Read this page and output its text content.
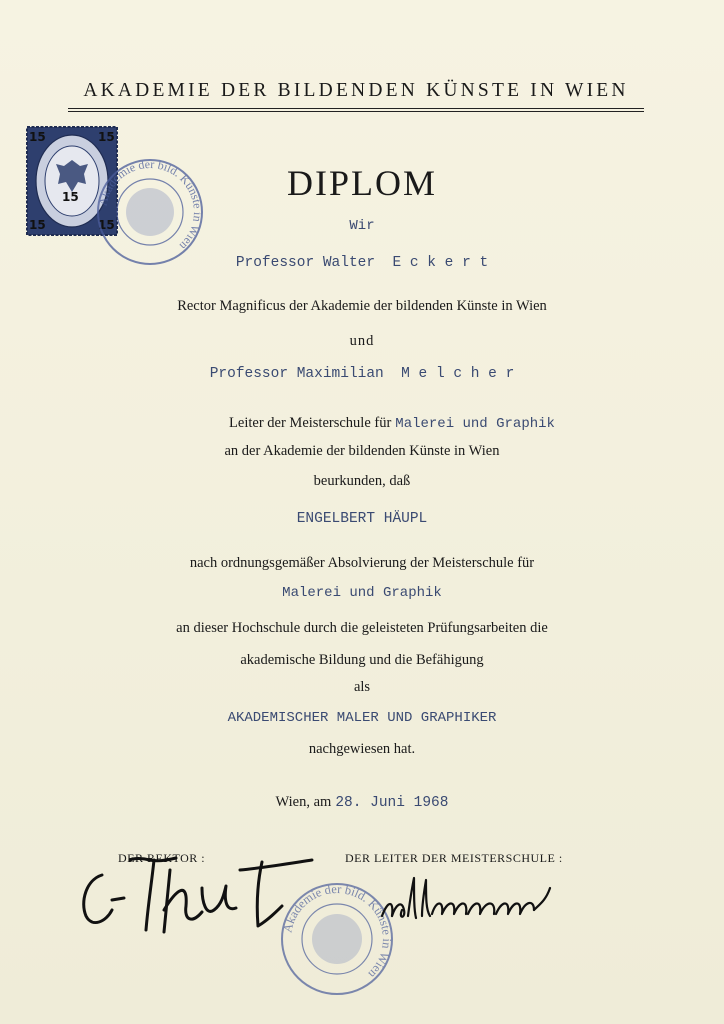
AKADEMIE DER BILDENDEN KÜNSTE IN WIEN
15	15
15	15
15 Akademie der bild. Künste in Wien
DIPLOM
Wir
Professor Walter  E c k e r t
Rector Magnificus der Akademie der bildenden Künste in Wien
und
Professor Maximilian  M e l c h e r
Leiter der Meisterschule für Malerei und Graphik
an der Akademie der bildenden Künste in Wien
beurkunden, daß
ENGELBERT HÄUPL
nach ordnungsgemäßer Absolvierung der Meisterschule für
Malerei und Graphik
an dieser Hochschule durch die geleisteten Prüfungsarbeiten die
akademische Bildung und die Befähigung
als
AKADEMISCHER MALER UND GRAPHIKER
nachgewiesen hat.
Wien, am 28. Juni 1968
DER REKTOR :	DER LEITER DER MEISTERSCHULE :
Akademie der bild. Künste in Wien
